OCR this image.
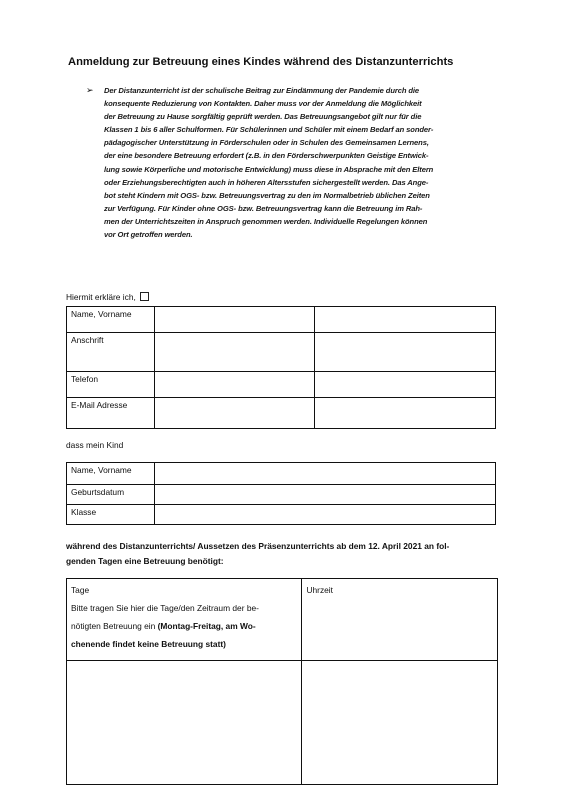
Anmeldung zur Betreuung eines Kindes während des Distanzunterrichts
➢ Der Distanzunterricht ist der schulische Beitrag zur Eindämmung der Pandemie durch die

konsequente Reduzierung von Kontakten. Daher muss vor der Anmeldung die Möglichkeit

der Betreuung zu Hause sorgfältig geprüft werden. Das Betreuungsangebot gilt nur für die

Klassen 1 bis 6 aller Schulformen. Für Schülerinnen und Schüler mit einem Bedarf an sonder-

pädagogischer Unterstützung in Förderschulen oder in Schulen des Gemeinsamen Lernens,

der eine besondere Betreuung erfordert (z.B. in den Förderschwerpunkten Geistige Entwick-

lung sowie Körperliche und motorische Entwicklung) muss diese in Absprache mit den Eltern

oder Erziehungsberechtigten auch in höheren Altersstufen sichergestellt werden. Das Ange-

bot steht Kindern mit OGS- bzw. Betreuungsvertrag zu den im Normalbetrieb üblichen Zeiten

zur Verfügung. Für Kinder ohne OGS- bzw. Betreuungsvertrag kann die Betreuung im Rah-

men der Unterrichtszeiten in Anspruch genommen werden. Individuelle Regelungen können

vor Ort getroffen werden.

Hiermit erkläre ich,
Name, Vorname		
Anschrift		
Telefon		
E-Mail Adresse		
dass mein Kind
Name, Vorname	
Geburtsdatum	
Klasse	
während des Distanzunterrichts/ Aussetzen des Präsenzunterrichts ab dem 12. April 2021 an fol-
genden Tagen eine Betreuung benötigt:
Tage
Bitte tragen Sie hier die Tage/den Zeitraum der be-
nötigten Betreuung ein (Montag-Freitag, am Wo-
chenende findet keine Betreuung statt)	Uhrzeit
